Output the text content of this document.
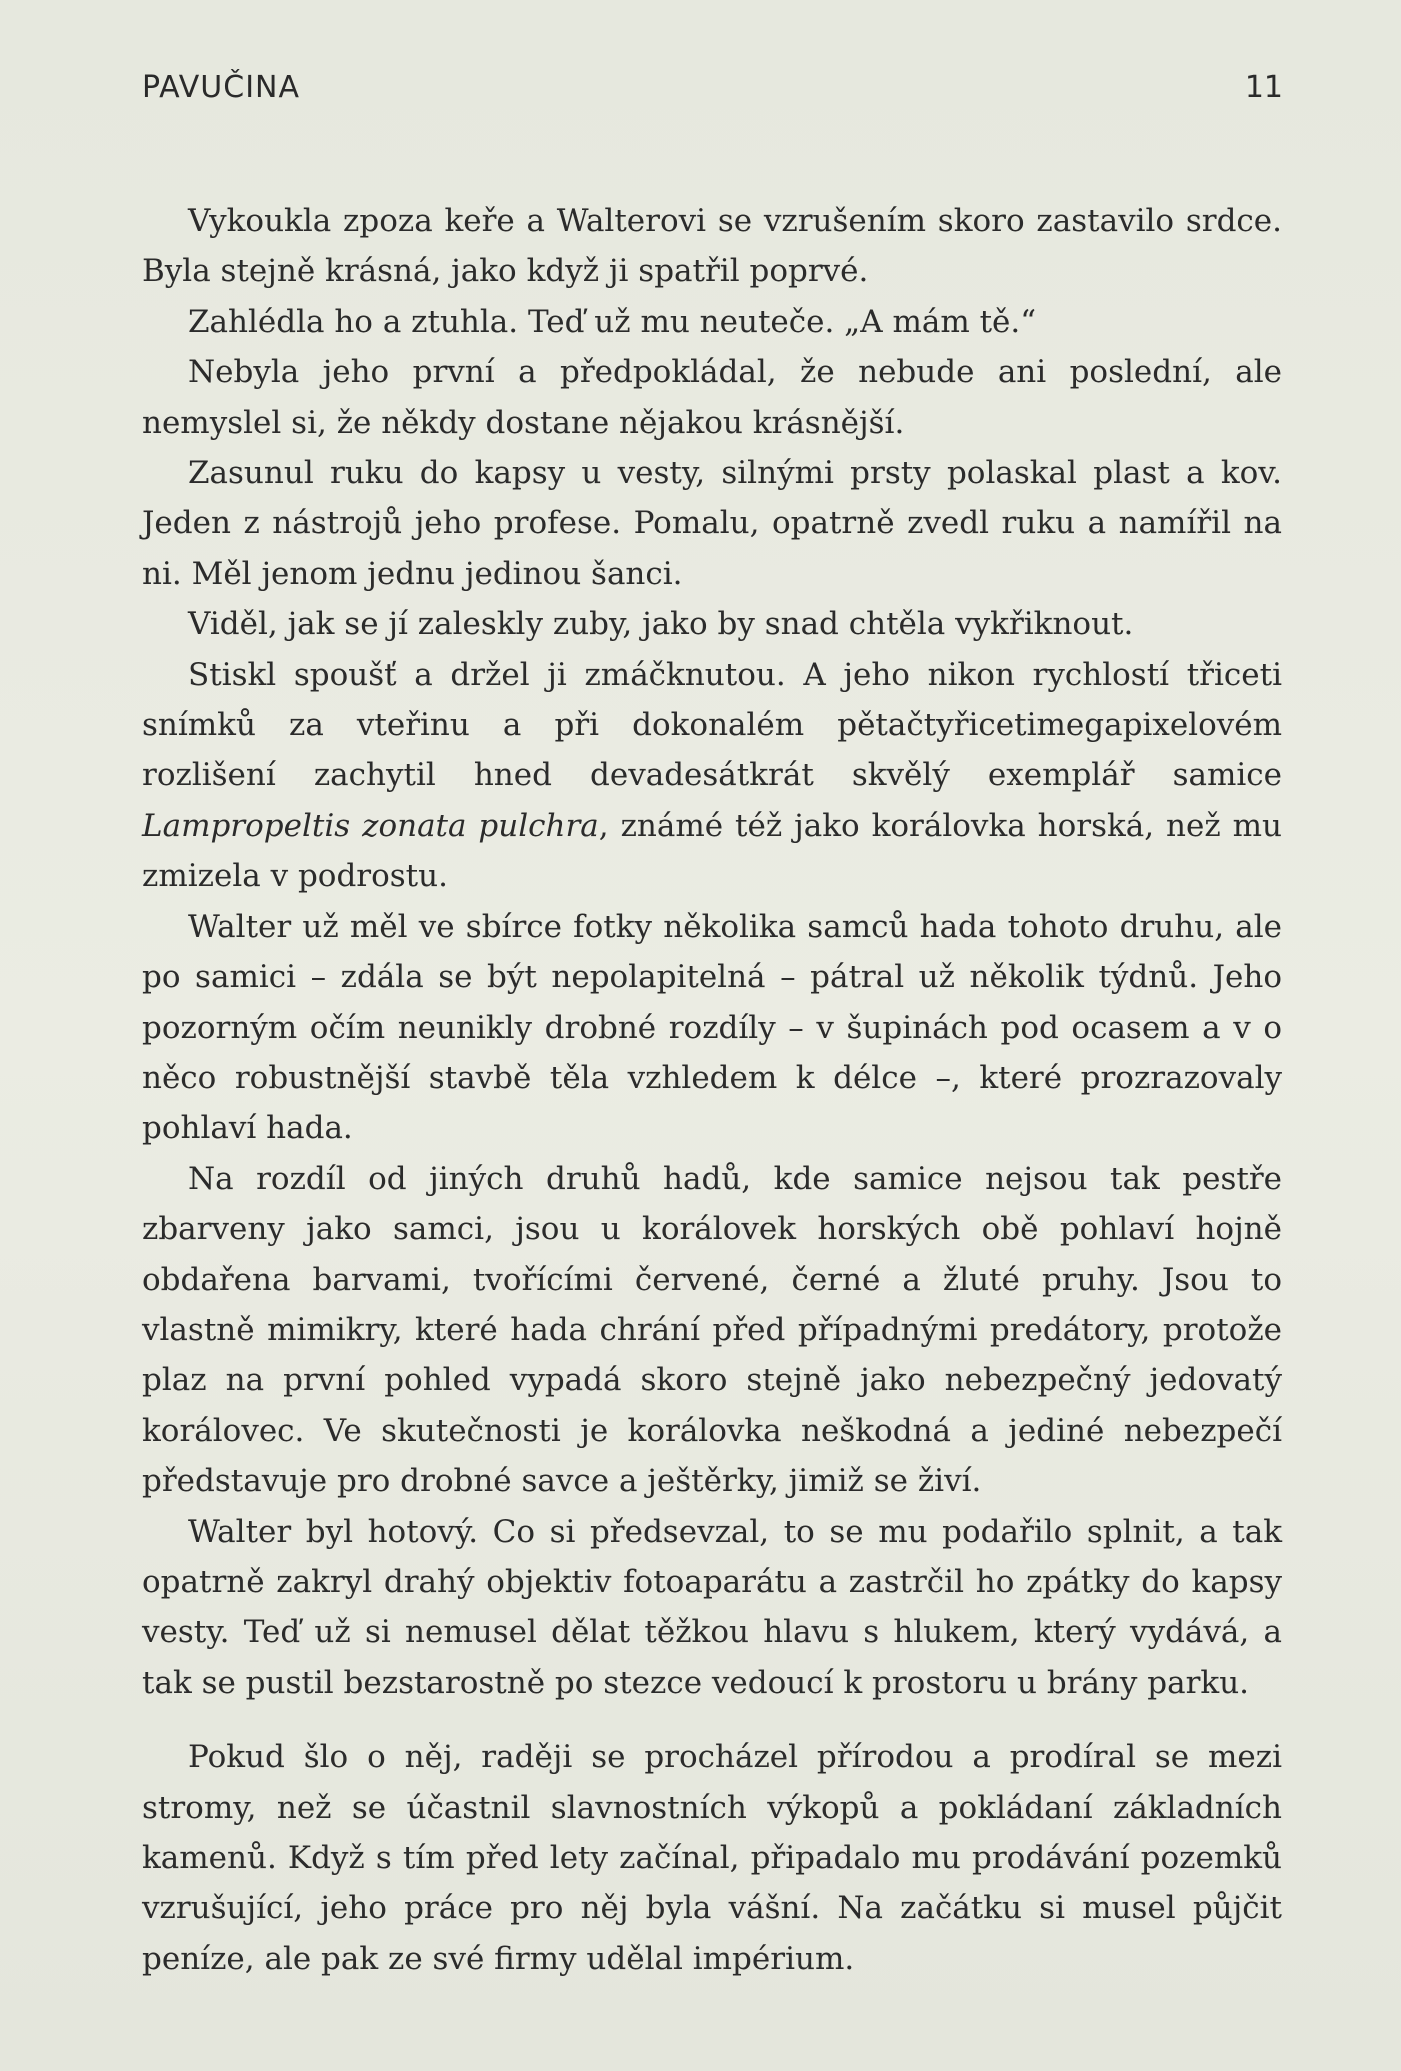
PAVUČINA	11

Vykoukla zpoza keře a Walterovi se vzrušením skoro zastavilo srdce. Byla stejně krásná, jako když ji spatřil poprvé.

Zahlédla ho a ztuhla. Teď už mu neuteče. „A mám tě.“

Nebyla jeho první a předpokládal, že nebude ani poslední, ale nemyslel si, že někdy dostane nějakou krásnější.

Zasunul ruku do kapsy u vesty, silnými prsty polaskal plast a kov. Jeden z nástrojů jeho profese. Pomalu, opatrně zvedl ruku a namířil na ni. Měl jenom jednu jedinou šanci.

Viděl, jak se jí zaleskly zuby, jako by snad chtěla vykřiknout.

Stiskl spoušť a držel ji zmáčknutou. A jeho nikon rychlostí třiceti snímků za vteřinu a při dokonalém pětačtyřicetimegapixelovém rozlišení zachytil hned devadesátkrát skvělý exemplář samice Lampropeltis zonata pulchra, známé též jako korálovka horská, než mu zmizela v podrostu.

Walter už měl ve sbírce fotky několika samců hada tohoto druhu, ale po samici – zdála se být nepolapitelná – pátral už několik týdnů. Jeho pozorným očím neunikly drobné rozdíly – v šupinách pod ocasem a v o něco robustnější stavbě těla vzhledem k délce –, které prozrazovaly pohlaví hada.

Na rozdíl od jiných druhů hadů, kde samice nejsou tak pestře zbarveny jako samci, jsou u korálovek horských obě pohlaví hojně obdařena barvami, tvořícími červené, černé a žluté pruhy. Jsou to vlastně mimikry, které hada chrání před případnými predátory, protože plaz na první pohled vypadá skoro stejně jako nebezpečný jedovatý korálovec. Ve skutečnosti je korálovka neškodná a jediné nebezpečí představuje pro drobné savce a ještěrky, jimiž se živí.

Walter byl hotový. Co si předsevzal, to se mu podařilo splnit, a tak opatrně zakryl drahý objektiv fotoaparátu a zastrčil ho zpátky do kapsy vesty. Teď už si nemusel dělat těžkou hlavu s hlukem, který vydává, a tak se pustil bezstarostně po stezce vedoucí k prostoru u brány parku.

Pokud šlo o něj, raději se procházel přírodou a prodíral se mezi stromy, než se účastnil slavnostních výkopů a pokládaní základních kamenů. Když s tím před lety začínal, připadalo mu prodávání pozemků vzrušující, jeho práce pro něj byla vášní. Na začátku si musel půjčit peníze, ale pak ze své firmy udělal impérium.
